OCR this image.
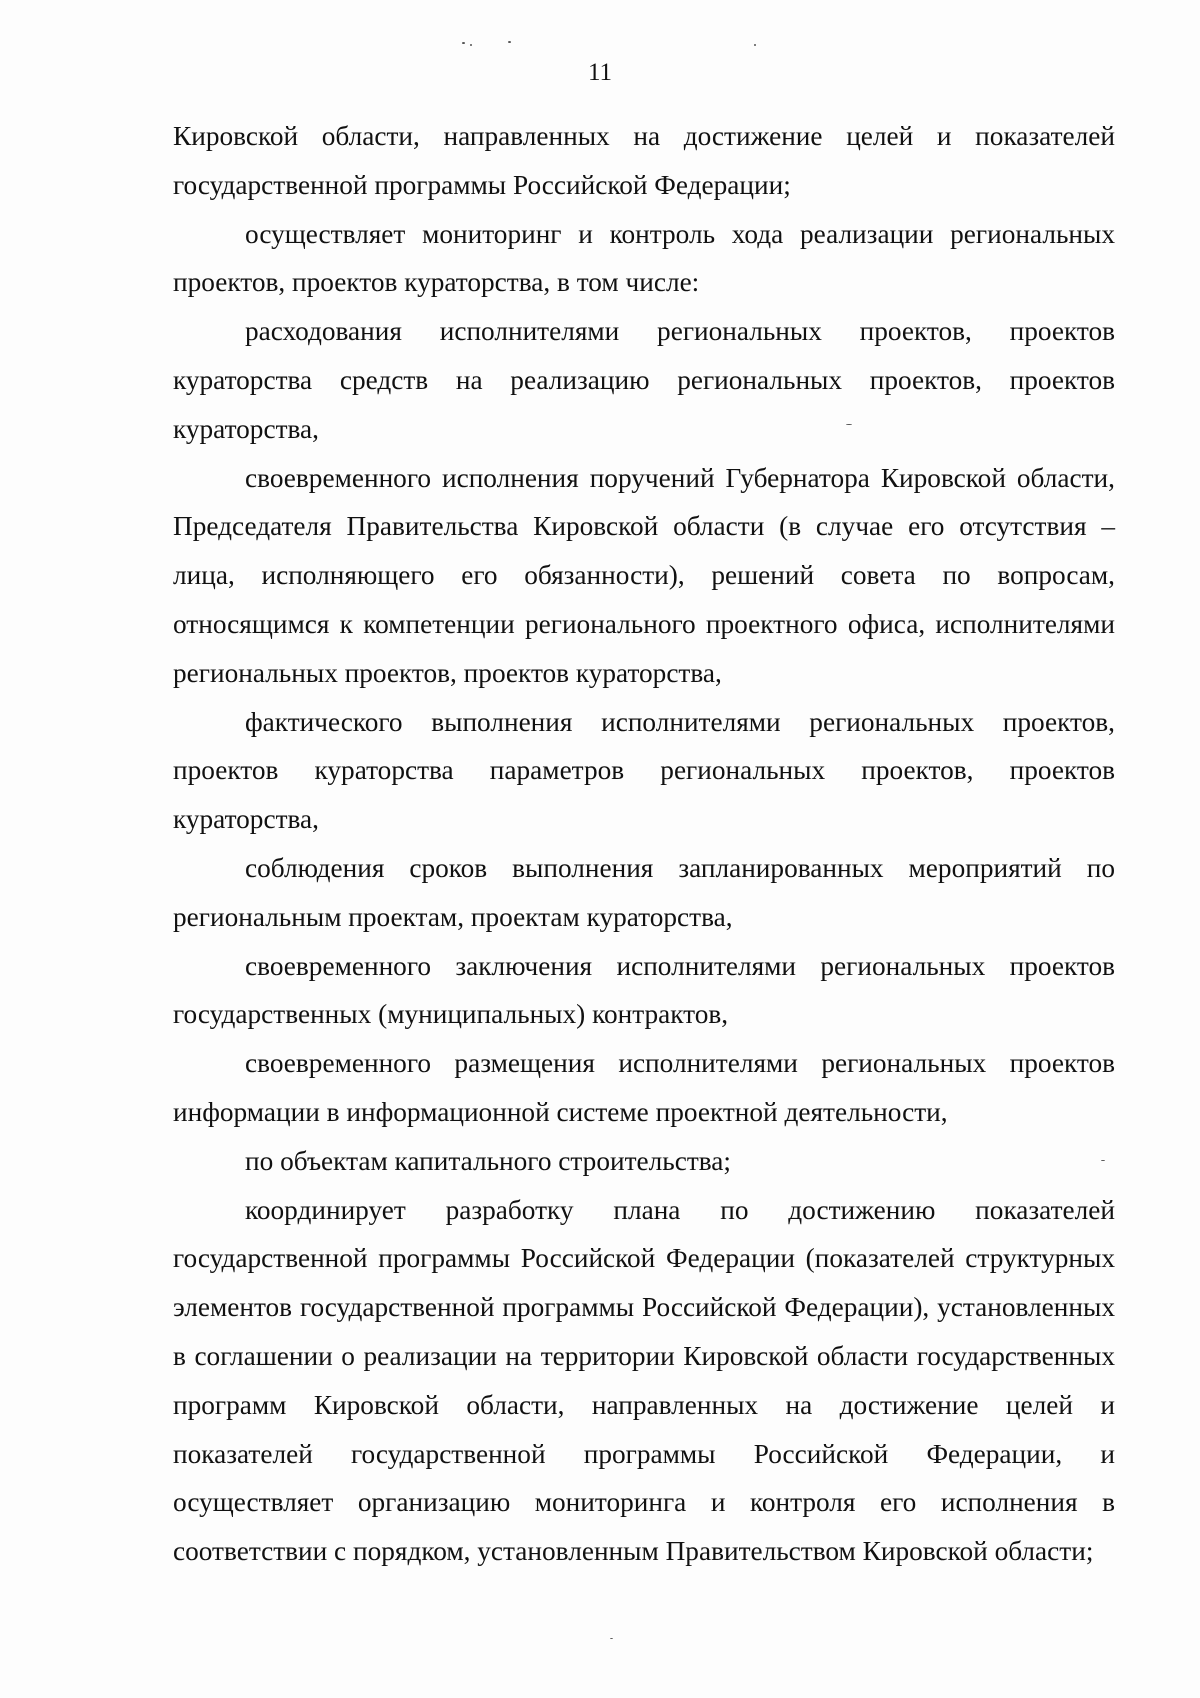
11

Кировской области, направленных на достижение целей и показателей государственной программы Российской Федерации;

осуществляет мониторинг и контроль хода реализации региональных проектов, проектов кураторства, в том числе:

расходования исполнителями региональных проектов, проектов кураторства средств на реализацию региональных проектов, проектов кураторства,

своевременного исполнения поручений Губернатора Кировской области, Председателя Правительства Кировской области (в случае его отсутствия – лица, исполняющего его обязанности), решений совета по вопросам, относящимся к компетенции регионального проектного офиса, исполнителями региональных проектов, проектов кураторства,

фактического выполнения исполнителями региональных проектов, проектов кураторства параметров региональных проектов, проектов кураторства,

соблюдения сроков выполнения запланированных мероприятий по региональным проектам, проектам кураторства,

своевременного заключения исполнителями региональных проектов государственных (муниципальных) контрактов,

своевременного размещения исполнителями региональных проектов информации в информационной системе проектной деятельности,

по объектам капитального строительства;

координирует разработку плана по достижению показателей государственной программы Российской Федерации (показателей структурных элементов государственной программы Российской Федерации), установленных в соглашении о реализации на территории Кировской области государственных программ Кировской области, направленных на достижение целей и показателей государственной программы Российской Федерации, и осуществляет организацию мониторинга и контроля его исполнения в соответствии с порядком, установленным Правительством Кировской области;
